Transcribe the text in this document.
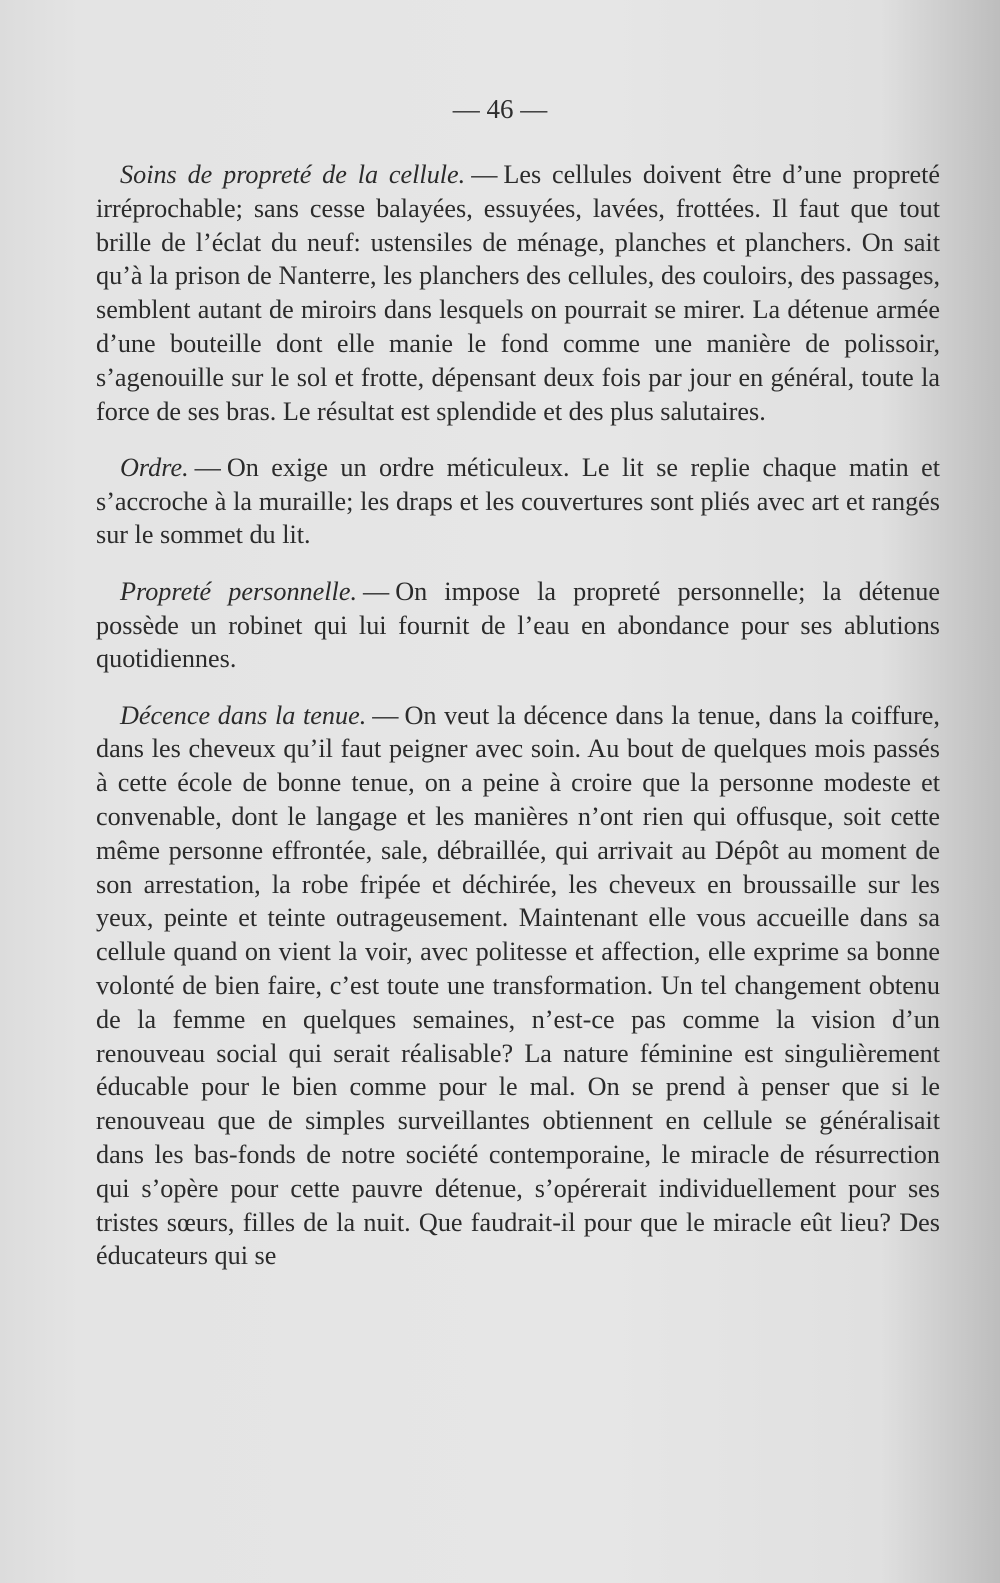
— 46 —

Soins de propreté de la cellule. — Les cellules doivent être d’une propreté irréprochable; sans cesse balayées, essuyées, lavées, frottées. Il faut que tout brille de l’éclat du neuf: ustensiles de ménage, planches et planchers. On sait qu’à la prison de Nanterre, les planchers des cellules, des couloirs, des passages, semblent autant de miroirs dans lesquels on pourrait se mirer. La détenue armée d’une bouteille dont elle manie le fond comme une manière de polissoir, s’agenouille sur le sol et frotte, dépensant deux fois par jour en général, toute la force de ses bras. Le résultat est splendide et des plus salutaires.

Ordre. — On exige un ordre méticuleux. Le lit se replie chaque matin et s’accroche à la muraille; les draps et les couvertures sont pliés avec art et rangés sur le sommet du lit.

Propreté personnelle. — On impose la propreté personnelle; la détenue possède un robinet qui lui fournit de l’eau en abondance pour ses ablutions quotidiennes.

Décence dans la tenue. — On veut la décence dans la tenue, dans la coiffure, dans les cheveux qu’il faut peigner avec soin. Au bout de quelques mois passés à cette école de bonne tenue, on a peine à croire que la personne modeste et convenable, dont le langage et les manières n’ont rien qui offusque, soit cette même personne effrontée, sale, débraillée, qui arrivait au Dépôt au moment de son arrestation, la robe fripée et déchirée, les cheveux en broussaille sur les yeux, peinte et teinte outrageusement. Maintenant elle vous accueille dans sa cellule quand on vient la voir, avec politesse et affection, elle exprime sa bonne volonté de bien faire, c’est toute une transformation. Un tel changement obtenu de la femme en quelques semaines, n’est-ce pas comme la vision d’un renouveau social qui serait réalisable? La nature féminine est singulièrement éducable pour le bien comme pour le mal. On se prend à penser que si le renouveau que de simples surveillantes obtiennent en cellule se généralisait dans les bas-fonds de notre société contemporaine, le miracle de résurrection qui s’opère pour cette pauvre détenue, s’opérerait individuellement pour ses tristes sœurs, filles de la nuit. Que faudrait-il pour que le miracle eût lieu? Des éducateurs qui se
